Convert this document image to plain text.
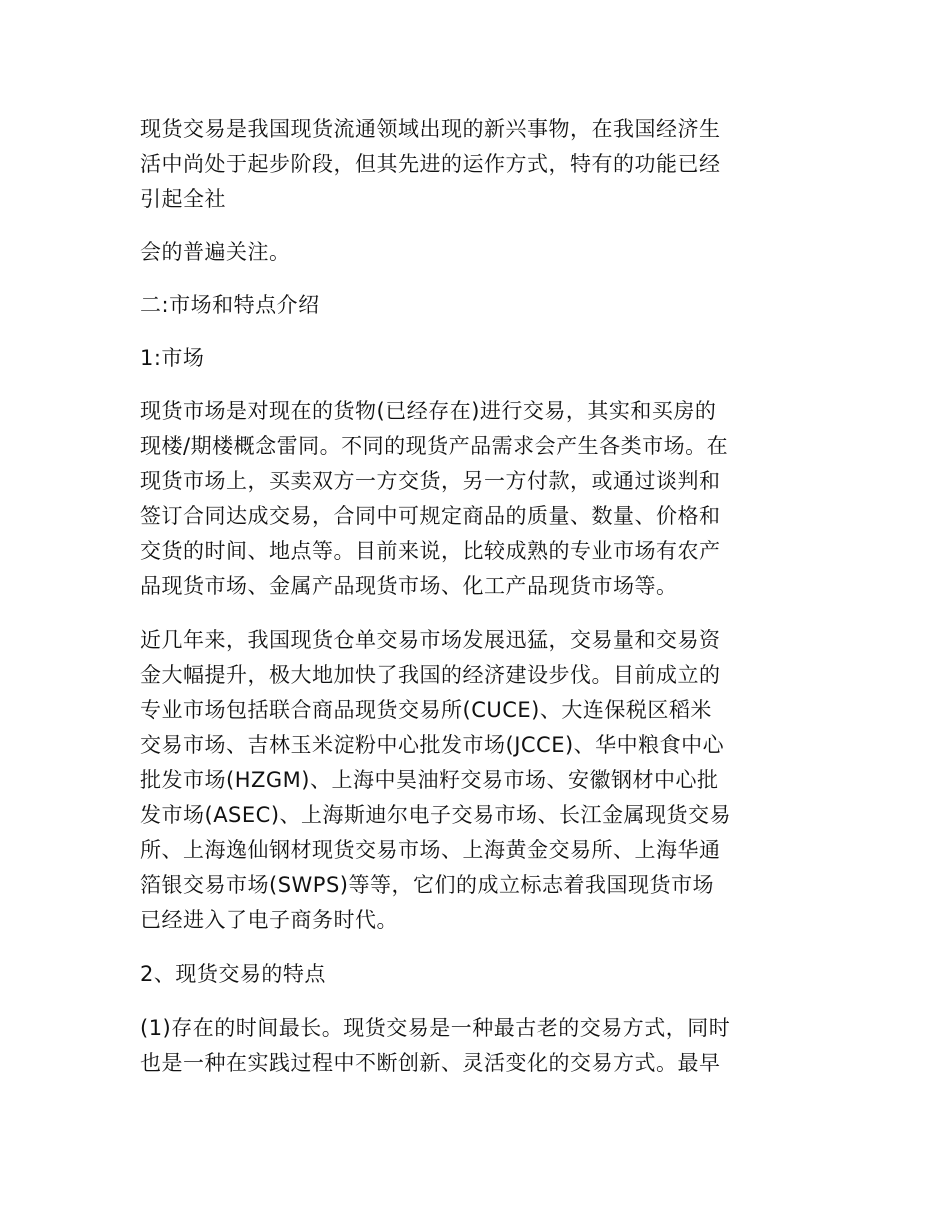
现货交易是我国现货流通领域出现的新兴事物，在我国经济生
活中尚处于起步阶段，但其先进的运作方式，特有的功能已经
引起全社

会的普遍关注。

二:市场和特点介绍

1:市场

现货市场是对现在的货物(已经存在)进行交易，其实和买房的
现楼/期楼概念雷同。不同的现货产品需求会产生各类市场。在
现货市场上，买卖双方一方交货，另一方付款，或通过谈判和
签订合同达成交易，合同中可规定商品的质量、数量、价格和
交货的时间、地点等。目前来说，比较成熟的专业市场有农产
品现货市场、金属产品现货市场、化工产品现货市场等。

近几年来，我国现货仓单交易市场发展迅猛，交易量和交易资
金大幅提升，极大地加快了我国的经济建设步伐。目前成立的
专业市场包括联合商品现货交易所(CUCE)、大连保税区稻米
交易市场、吉林玉米淀粉中心批发市场(JCCE)、华中粮食中心
批发市场(HZGM)、上海中昊油籽交易市场、安徽钢材中心批
发市场(ASEC)、上海斯迪尔电子交易市场、长江金属现货交易
所、上海逸仙钢材现货交易市场、上海黄金交易所、上海华通
箔银交易市场(SWPS)等等，它们的成立标志着我国现货市场
已经进入了电子商务时代。

2、现货交易的特点

(1)存在的时间最长。现货交易是一种最古老的交易方式，同时
也是一种在实践过程中不断创新、灵活变化的交易方式。最早
